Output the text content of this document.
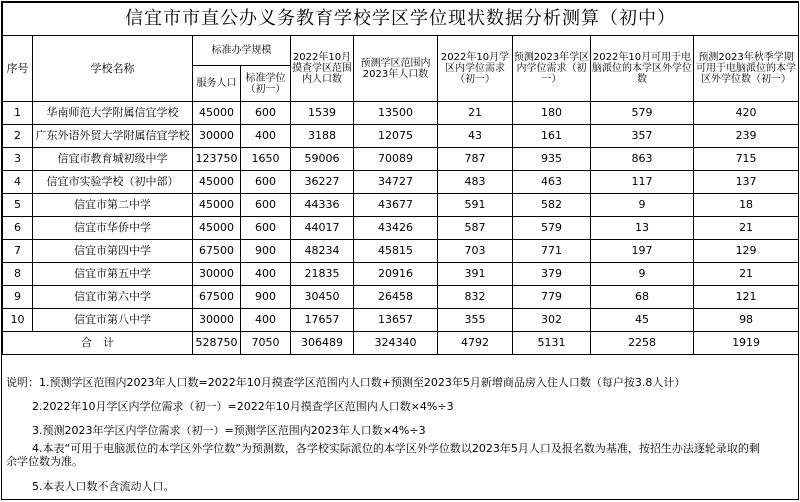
信宜市市直公办义务教育学校学区学位现状数据分析测算（初中）									
序号	学校名称	标准办学规模		2022年10月摸查学区范围内人口数	预测学区范围内2023年人口数	2022年10月学区内学位需求（初一）	预测2023年学区内学位需求（初一）	2022年10月可用于电脑派位的本学区外学位数	预测2023年秋季学期可用于电脑派位的本学区外学位数（初一）
		服务人口	标准学位（初一）						
1	华南师范大学附属信宜学校	45000	600	1539	13500	21	180	579	420
2	广东外语外贸大学附属信宜学校	30000	400	3188	12075	43	161	357	239
3	信宜市教育城初级中学	123750	1650	59006	70089	787	935	863	715
4	信宜市实验学校（初中部）	45000	600	36227	34727	483	463	117	137
5	信宜市第二中学	45000	600	44336	43677	591	582	9	18
6	信宜市华侨中学	45000	600	44017	43426	587	579	13	21
7	信宜市第四中学	67500	900	48234	45815	703	771	197	129
8	信宜市第五中学	30000	400	21835	20916	391	379	9	21
9	信宜市第六中学	67500	900	30450	26458	832	779	68	121
10	信宜市第八中学	30000	400	17657	13657	355	302	45	98
合　计		528750	7050	306489	324340	4792	5131	2258	1919
说明：1.预测学区范围内2023年人口数=2022年10月摸查学区范围内人口数+预测至2023年5月新增商品房入住人口数（每户按3.8人计）
2.2022年10月学区内学位需求（初一）=2022年10月摸查学区范围内人口数×4%÷3
3.预测2023年学区内学位需求（初一）=预测学区范围内2023年人口数×4%÷3
4.本表“可用于电脑派位的本学区外学位数”为预测数，各学校实际派位的本学区外学位数以2023年5月人口及报名数为基准，按招生办法逐轮录取的剩余学位数为准。
5.本表人口数不含流动人口。
